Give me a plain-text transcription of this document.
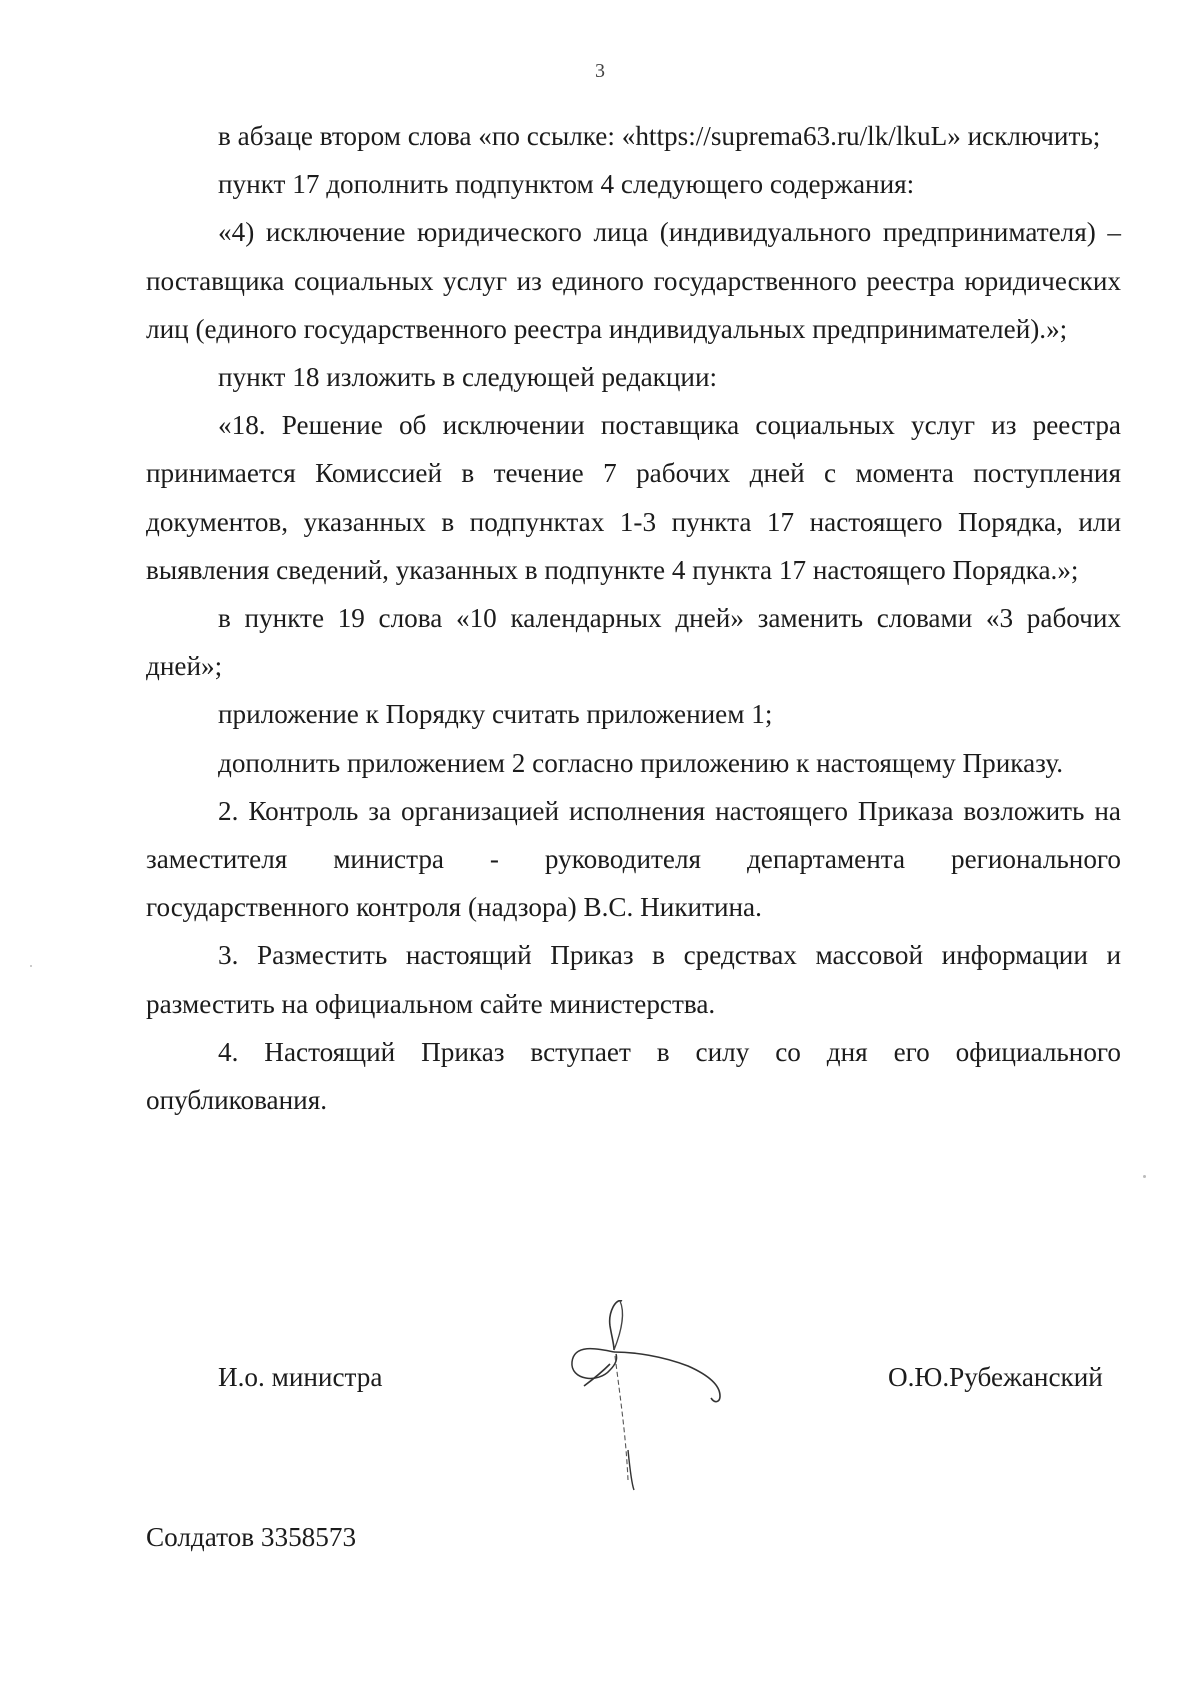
3

в абзаце втором слова «по ссылке: «https://suprema63.ru/lk/lkuL» исключить;

пункт 17 дополнить подпунктом 4 следующего содержания:

«4) исключение юридического лица (индивидуального предпринимателя) – поставщика социальных услуг из единого государственного реестра юридических лиц (единого государственного реестра индивидуальных предпринимателей).»;

пункт 18 изложить в следующей редакции:

«18. Решение об исключении поставщика социальных услуг из реестра принимается Комиссией в течение 7 рабочих дней с момента поступления документов, указанных в подпунктах 1-3 пункта 17 настоящего Порядка, или выявления сведений, указанных в подпункте 4 пункта 17 настоящего Порядка.»;

в пункте 19 слова «10 календарных дней» заменить словами «3 рабочих дней»;

приложение к Порядку считать приложением 1;

дополнить приложением 2 согласно приложению к настоящему Приказу.

2. Контроль за организацией исполнения настоящего Приказа возложить на заместителя министра - руководителя департамента регионального государственного контроля (надзора) В.С. Никитина.

3. Разместить настоящий Приказ в средствах массовой информации и разместить на официальном сайте министерства.

4. Настоящий Приказ вступает в силу со дня его официального опубликования.

И.о. министра	О.Ю.Рубежанский
Солдатов 3358573
